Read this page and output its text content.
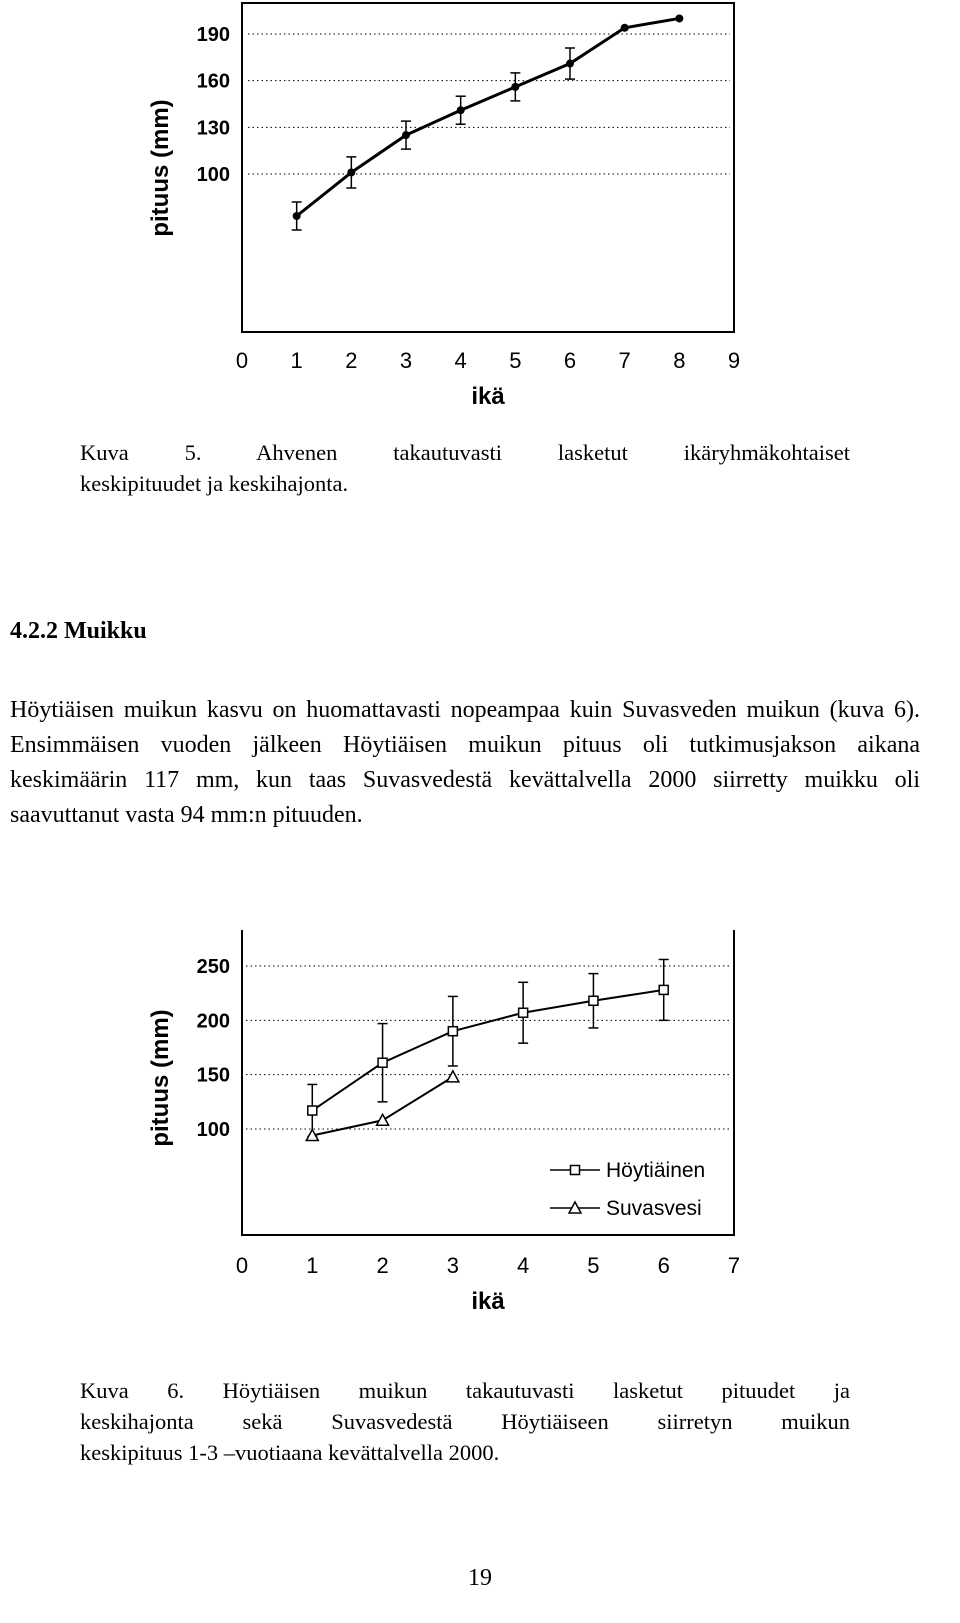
100
130
160
190
0 1 2 3 4 5 6 7 8 9
ikä
pituus (mm)
Kuva 5. Ahvenen takautuvasti lasketut ikäryhmäkohtaiset
keskipituudet ja keskihajonta.
4.2.2 Muikku
Höytiäisen muikun kasvu on huomattavasti nopeampaa kuin Suvasveden muikun (kuva 6). Ensimmäisen vuoden jälkeen Höytiäisen muikun pituus oli tutkimusjakson aikana keskimäärin 117 mm, kun taas Suvasvedestä kevättalvella 2000 siirretty muikku oli saavuttanut vasta 94 mm:n pituuden.
100
150
200
250
0	1	2	3	4	5	6	7
ikä
pituus (mm)
Höytiäinen
Suvasvesi
Kuva 6. Höytiäisen muikun takautuvasti lasketut pituudet ja
keskihajonta sekä Suvasvedestä Höytiäiseen siirretyn muikun
keskipituus 1-3 –vuotiaana kevättalvella 2000.
19
